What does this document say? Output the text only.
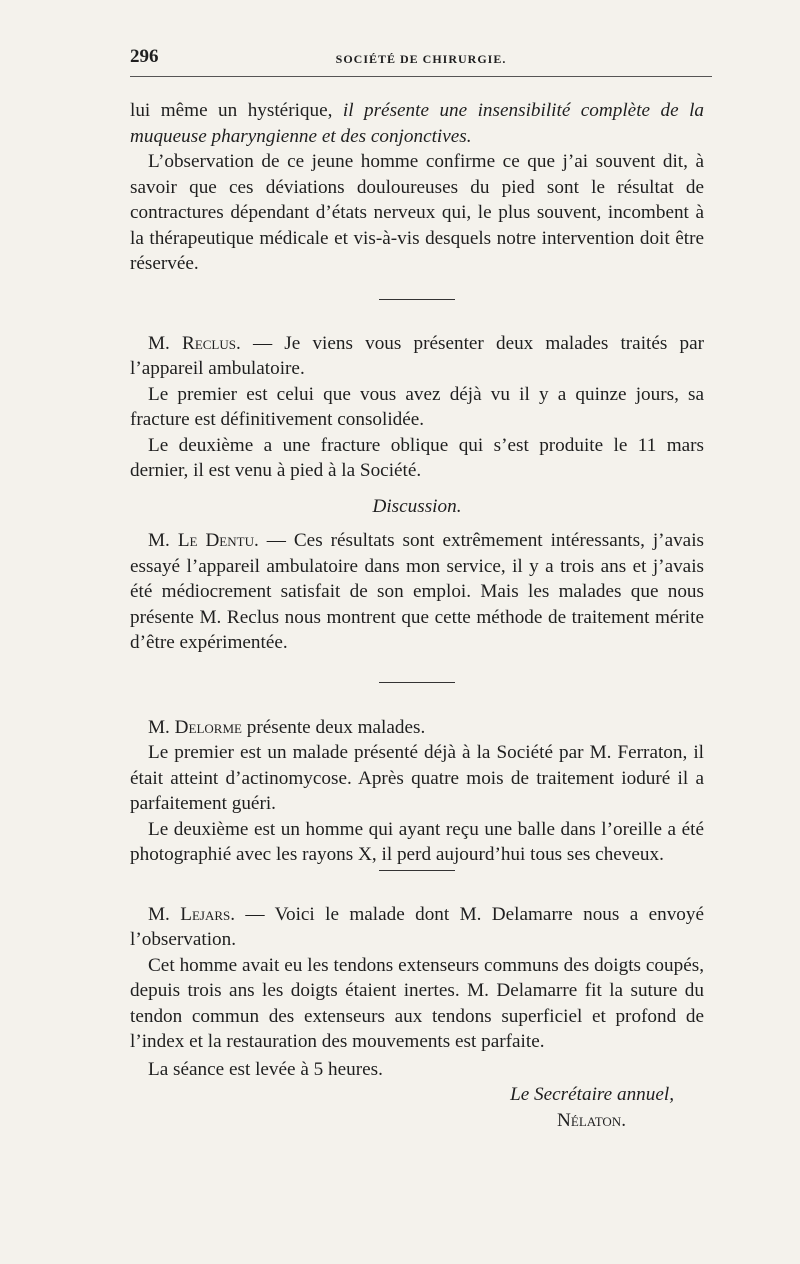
296	SOCIÉTÉ DE CHIRURGIE.

lui même un hystérique, il présente une insensibilité complète de la muqueuse pharyngienne et des conjonctives.

L’observation de ce jeune homme confirme ce que j’ai souvent dit, à savoir que ces déviations douloureuses du pied sont le résultat de contractures dépendant d’états nerveux qui, le plus souvent, incombent à la thérapeutique médicale et vis-à-vis desquels notre intervention doit être réservée.

M. Reclus. — Je viens vous présenter deux malades traités par l’appareil ambulatoire.

Le premier est celui que vous avez déjà vu il y a quinze jours, sa fracture est définitivement consolidée.

Le deuxième a une fracture oblique qui s’est produite le 11 mars dernier, il est venu à pied à la Société.

Discussion.

M. Le Dentu. — Ces résultats sont extrêmement intéressants, j’avais essayé l’appareil ambulatoire dans mon service, il y a trois ans et j’avais été médiocrement satisfait de son emploi. Mais les malades que nous présente M. Reclus nous montrent que cette méthode de traitement mérite d’être expérimentée.

M. Delorme présente deux malades.

Le premier est un malade présenté déjà à la Société par M. Ferraton, il était atteint d’actinomycose. Après quatre mois de traitement ioduré il a parfaitement guéri.

Le deuxième est un homme qui ayant reçu une balle dans l’oreille a été photographié avec les rayons X, il perd aujourd’hui tous ses cheveux.

M. Lejars. — Voici le malade dont M. Delamarre nous a envoyé l’observation.

Cet homme avait eu les tendons extenseurs communs des doigts coupés, depuis trois ans les doigts étaient inertes. M. Delamarre fit la suture du tendon commun des extenseurs aux tendons superficiel et profond de l’index et la restauration des mouvements est parfaite.

La séance est levée à 5 heures.

Le Secrétaire annuel,
Nélaton.
